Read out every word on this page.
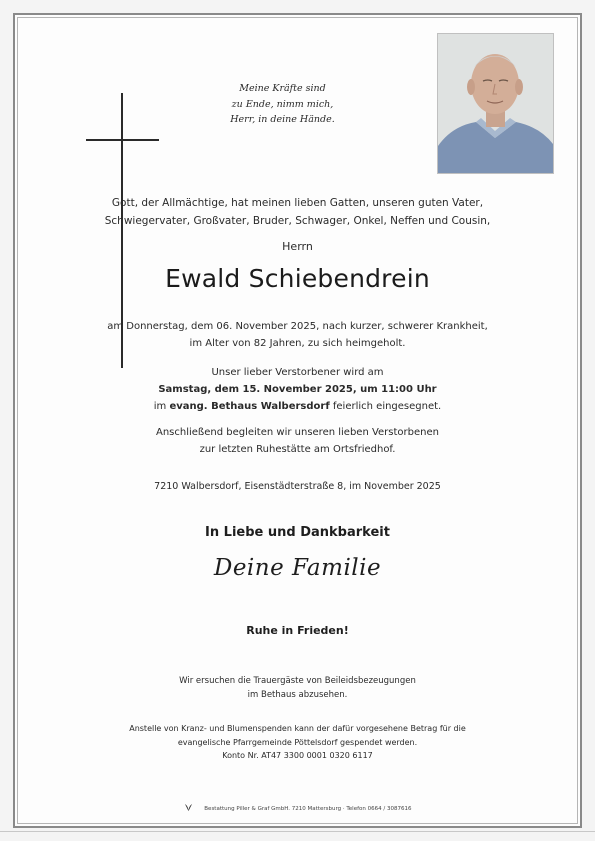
Meine Kräfte sind
zu Ende, nimm mich,
Herr, in deine Hände.
Gott, der Allmächtige, hat meinen lieben Gatten, unseren guten Vater,
Schwiegervater, Großvater, Bruder, Schwager, Onkel, Neffen und Cousin,
Herrn
Ewald Schiebendrein
am Donnerstag, dem 06. November 2025, nach kurzer, schwerer Krankheit,
im Alter von 82 Jahren, zu sich heimgeholt.
Unser lieber Verstorbener wird am
Samstag, dem 15. November 2025, um 11:00 Uhr
im evang. Bethaus Walbersdorf feierlich eingesegnet.
Anschließend begleiten wir unseren lieben Verstorbenen
zur letzten Ruhestätte am Ortsfriedhof.
7210 Walbersdorf, Eisenstädterstraße 8, im November 2025
In Liebe und Dankbarkeit
Deine Familie
Ruhe in Frieden!
Wir ersuchen die Trauergäste von Beileidsbezeugungen
im Bethaus abzusehen.
Anstelle von Kranz- und Blumenspenden kann der dafür vorgesehene Betrag für die
evangelische Pfarrgemeinde Pöttelsdorf gespendet werden.
Konto Nr. AT47 3300 0001 0320 6117
Bestattung Piller & Graf GmbH. 7210 Mattersburg · Telefon 0664 / 3087616
